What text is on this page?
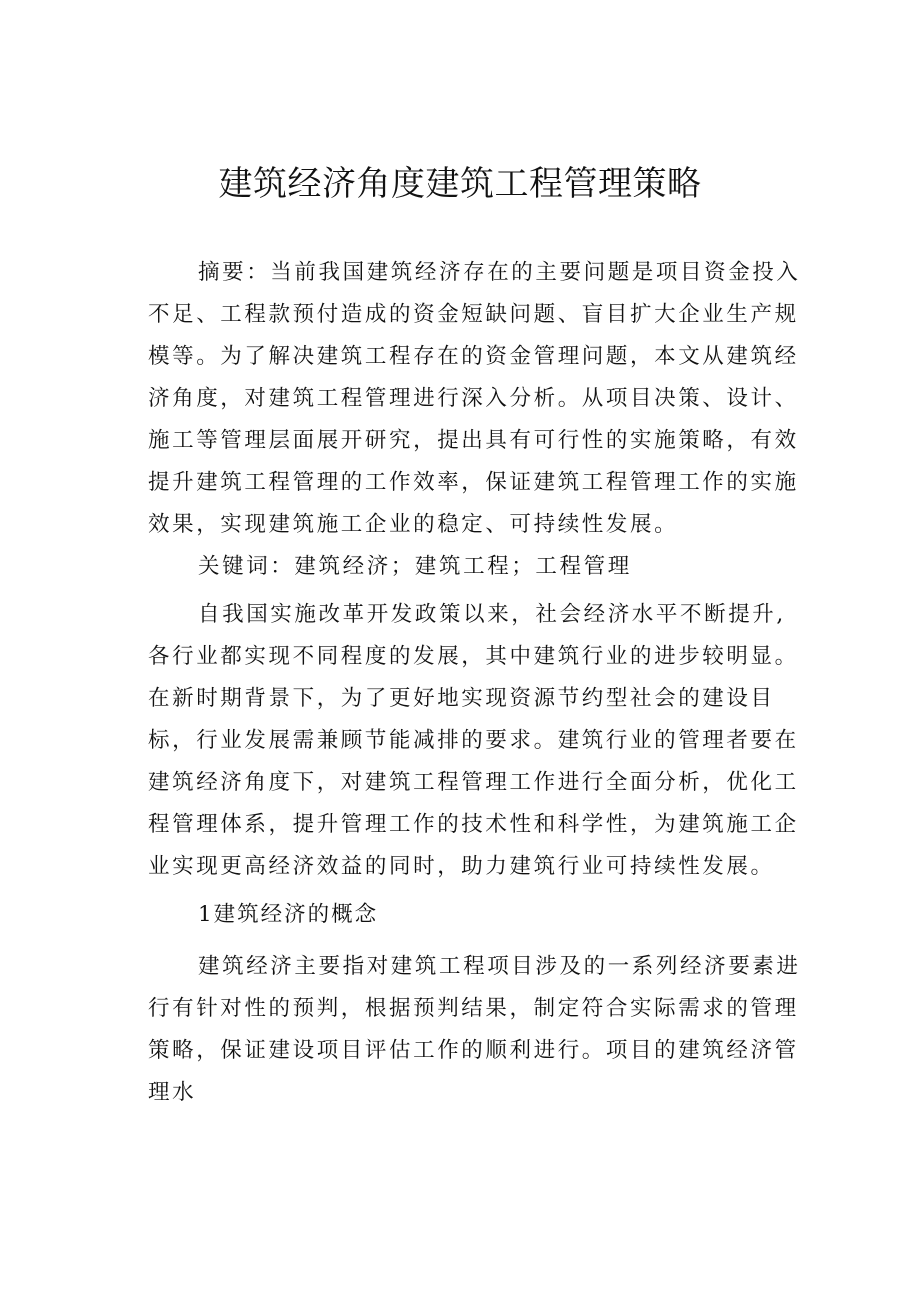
建筑经济角度建筑工程管理策略

摘要：当前我国建筑经济存在的主要问题是项目资金投入不足、工程款预付造成的资金短缺问题、盲目扩大企业生产规模等。为了解决建筑工程存在的资金管理问题，本文从建筑经济角度，对建筑工程管理进行深入分析。从项目决策、设计、施工等管理层面展开研究，提出具有可行性的实施策略，有效提升建筑工程管理的工作效率，保证建筑工程管理工作的实施效果，实现建筑施工企业的稳定、可持续性发展。

关键词：建筑经济；建筑工程；工程管理

自我国实施改革开发政策以来，社会经济水平不断提升,各行业都实现不同程度的发展，其中建筑行业的进步较明显。在新时期背景下，为了更好地实现资源节约型社会的建设目标，行业发展需兼顾节能减排的要求。建筑行业的管理者要在建筑经济角度下，对建筑工程管理工作进行全面分析，优化工程管理体系，提升管理工作的技术性和科学性，为建筑施工企业实现更高经济效益的同时，助力建筑行业可持续性发展。

1建筑经济的概念

建筑经济主要指对建筑工程项目涉及的一系列经济要素进行有针对性的预判，根据预判结果，制定符合实际需求的管理策略，保证建设项目评估工作的顺利进行。项目的建筑经济管理水
